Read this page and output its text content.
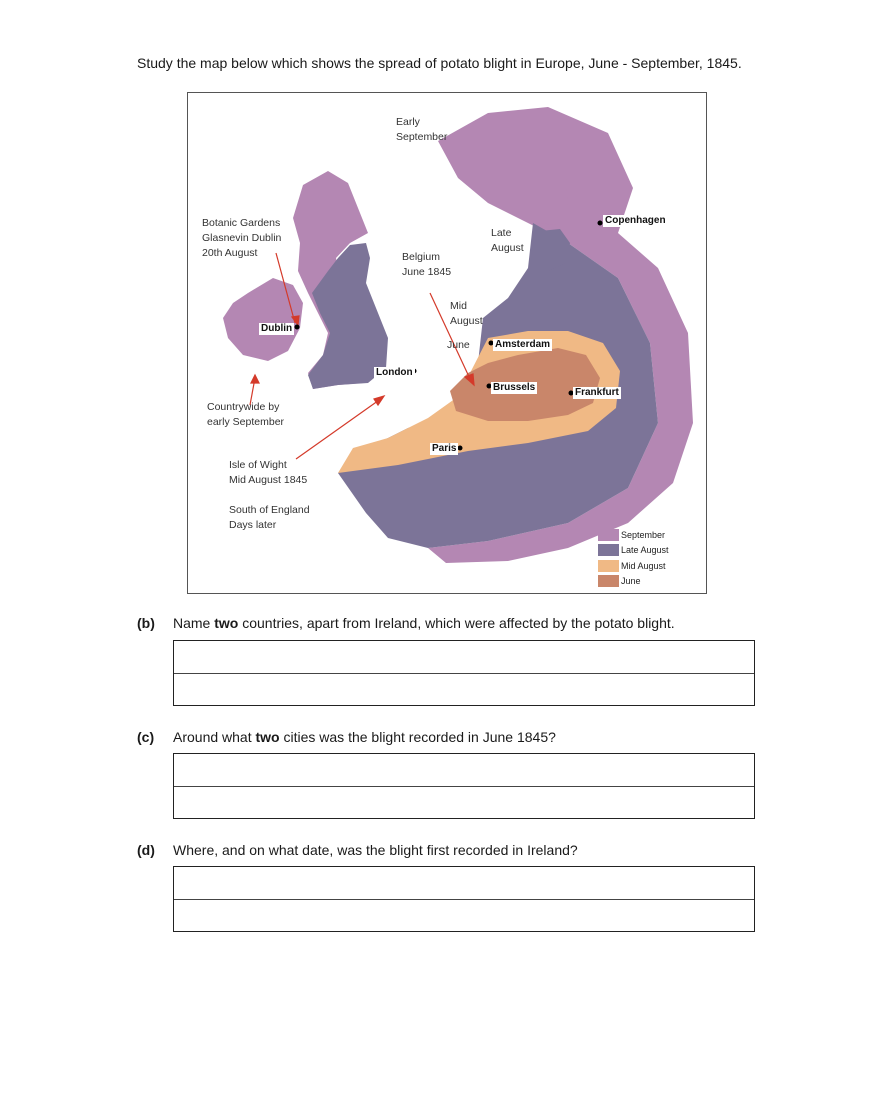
Study the map below which shows the spread of potato blight in Europe, June - September, 1845.
Early
September
Botanic Gardens
Glasnevin Dublin
20th August	Belgium
June 1845
Late
August
Mid
August
June
Countrywide by
early September
Isle of Wight
Mid August 1845
South of England
Days later
Copenhagen
Dublin
Amsterdam
London
Brussels	Frankfurt
Paris
September
Late August
Mid August
June
(b) Name two countries, apart from Ireland, which were affected by the potato blight.
(c) Around what two cities was the blight recorded in June 1845?
(d) Where, and on what date, was the blight first recorded in Ireland?
